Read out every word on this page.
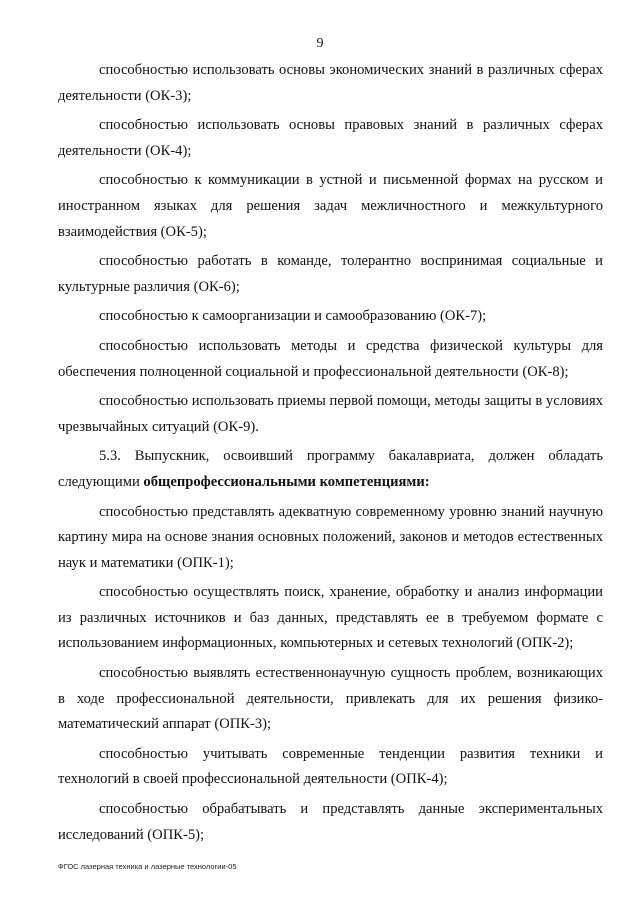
9

способностью использовать основы экономических знаний в различных сферах деятельности (ОК-3);

способностью использовать основы правовых знаний в различных сферах деятельности (ОК-4);

способностью к коммуникации в устной и письменной формах на русском и иностранном языках для решения задач межличностного и межкультурного взаимодействия (ОК-5);

способностью работать в команде, толерантно воспринимая социальные и культурные различия (ОК-6);

способностью к самоорганизации и самообразованию (ОК-7);

способностью использовать методы и средства физической культуры для обеспечения полноценной социальной и профессиональной деятельности (ОК-8);

способностью использовать приемы первой помощи, методы защиты в условиях чрезвычайных ситуаций (ОК-9).

5.3. Выпускник, освоивший программу бакалавриата, должен обладать следующими общепрофессиональными компетенциями:

способностью представлять адекватную современному уровню знаний научную картину мира на основе знания основных положений, законов и методов естественных наук и математики (ОПК-1);

способностью осуществлять поиск, хранение, обработку и анализ информации из различных источников и баз данных, представлять ее в требуемом формате с использованием информационных, компьютерных и сетевых технологий (ОПК-2);

способностью выявлять естественнонаучную сущность проблем, возникающих в ходе профессиональной деятельности, привлекать для их решения физико-математический аппарат (ОПК-3);

способностью учитывать современные тенденции развития техники и технологий в своей профессиональной деятельности (ОПК-4);

способностью обрабатывать и представлять данные экспериментальных исследований (ОПК-5);

ФГОС лазерная техника и лазерные технологии-05
